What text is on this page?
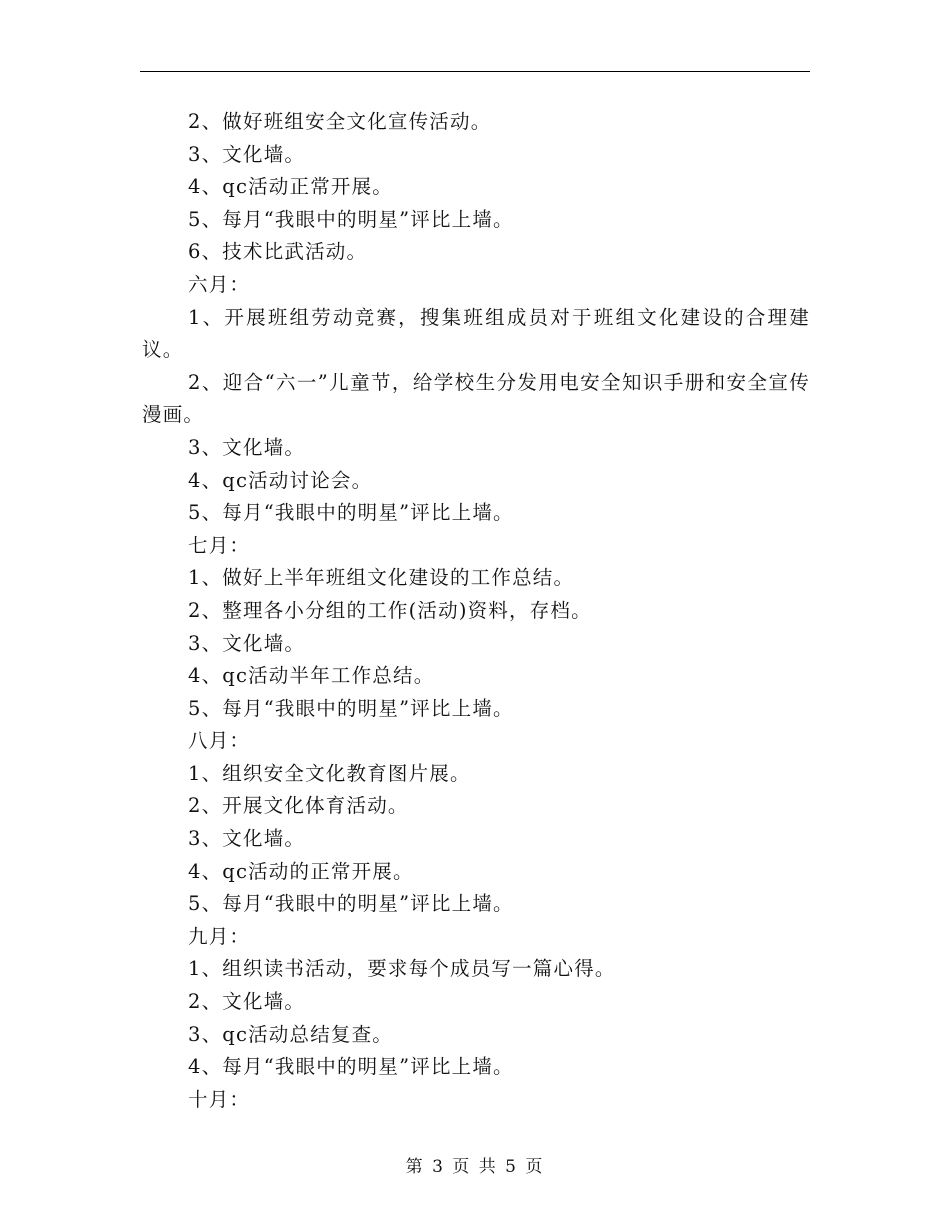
2、做好班组安全文化宣传活动。
3、文化墙。
4、qc活动正常开展。
5、每月“我眼中的明星”评比上墙。
6、技术比武活动。
六月：
1、开展班组劳动竞赛，搜集班组成员对于班组文化建设的合理建议。
2、迎合“六一”儿童节，给学校生分发用电安全知识手册和安全宣传漫画。
3、文化墙。
4、qc活动讨论会。
5、每月“我眼中的明星”评比上墙。
七月：
1、做好上半年班组文化建设的工作总结。
2、整理各小分组的工作(活动)资料，存档。
3、文化墙。
4、qc活动半年工作总结。
5、每月“我眼中的明星”评比上墙。
八月：
1、组织安全文化教育图片展。
2、开展文化体育活动。
3、文化墙。
4、qc活动的正常开展。
5、每月“我眼中的明星”评比上墙。
九月：
1、组织读书活动，要求每个成员写一篇心得。
2、文化墙。
3、qc活动总结复查。
4、每月“我眼中的明星”评比上墙。
十月：
第 3 页 共 5 页
